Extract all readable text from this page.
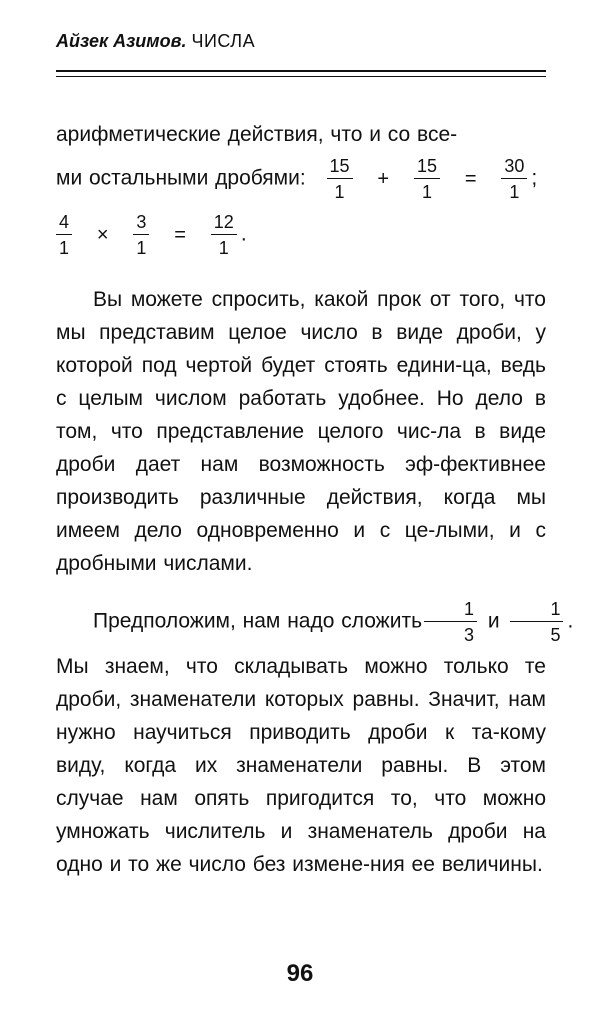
Айзек Азимов. ЧИСЛА
арифметические действия, что и со все-
ми остальными дробями: $\frac{15}{1} + \frac{15}{1} = \frac{30}{1}$ ;
$\frac{4}{1} \times \frac{3}{1} = \frac{12}{1}$ .
Вы можете спросить, какой прок от того, что мы представим целое число в виде дроби, у которой под чертой будет стоять едини-ца, ведь с целым числом работать удобнее. Но дело в том, что представление целого чис-ла в виде дроби дает нам возможность эф-фективнее производить различные действия, когда мы имеем дело одновременно и с це-лыми, и с дробными числами.
Предположим, нам надо сложить $\frac{1}{3}$ и $\frac{1}{5}$ .
Мы знаем, что складывать можно только те дроби, знаменатели которых равны. Значит, нам нужно научиться приводить дроби к та-кому виду, когда их знаменатели равны. В этом случае нам опять пригодится то, что можно умножать числитель и знаменатель дроби на одно и то же число без измене-ния ее величины.
96
